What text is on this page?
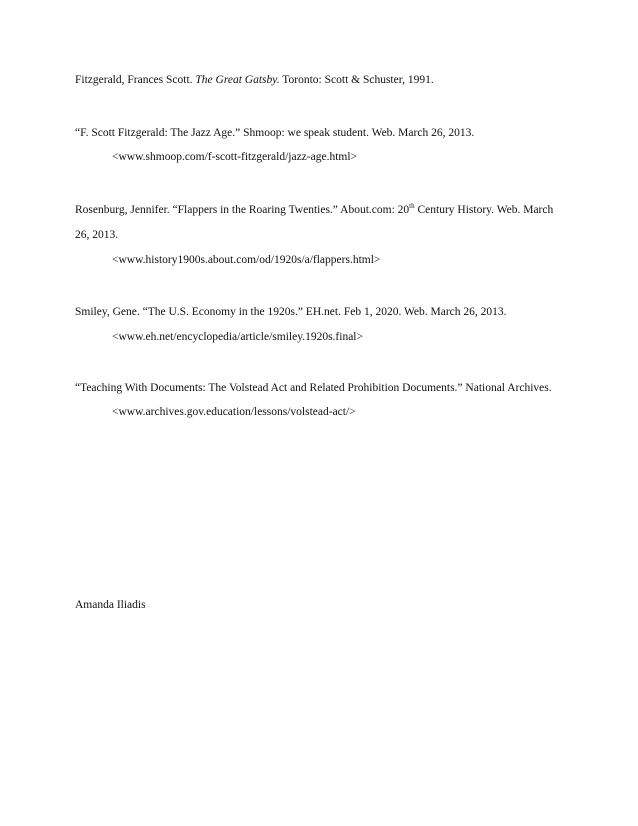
Fitzgerald, Frances Scott. The Great Gatsby. Toronto: Scott & Schuster, 1991.
“F. Scott Fitzgerald: The Jazz Age.” Shmoop: we speak student. Web. March 26, 2013.
<www.shmoop.com/f-scott-fitzgerald/jazz-age.html>
Rosenburg, Jennifer. “Flappers in the Roaring Twenties.” About.com: 20th Century History. Web. March
26, 2013.
<www.history1900s.about.com/od/1920s/a/flappers.html>
Smiley, Gene. “The U.S. Economy in the 1920s.” EH.net. Feb 1, 2020. Web. March 26, 2013.
<www.eh.net/encyclopedia/article/smiley.1920s.final>
“Teaching With Documents: The Volstead Act and Related Prohibition Documents.” National Archives.
<www.archives.gov.education/lessons/volstead-act/>
Amanda Iliadis
